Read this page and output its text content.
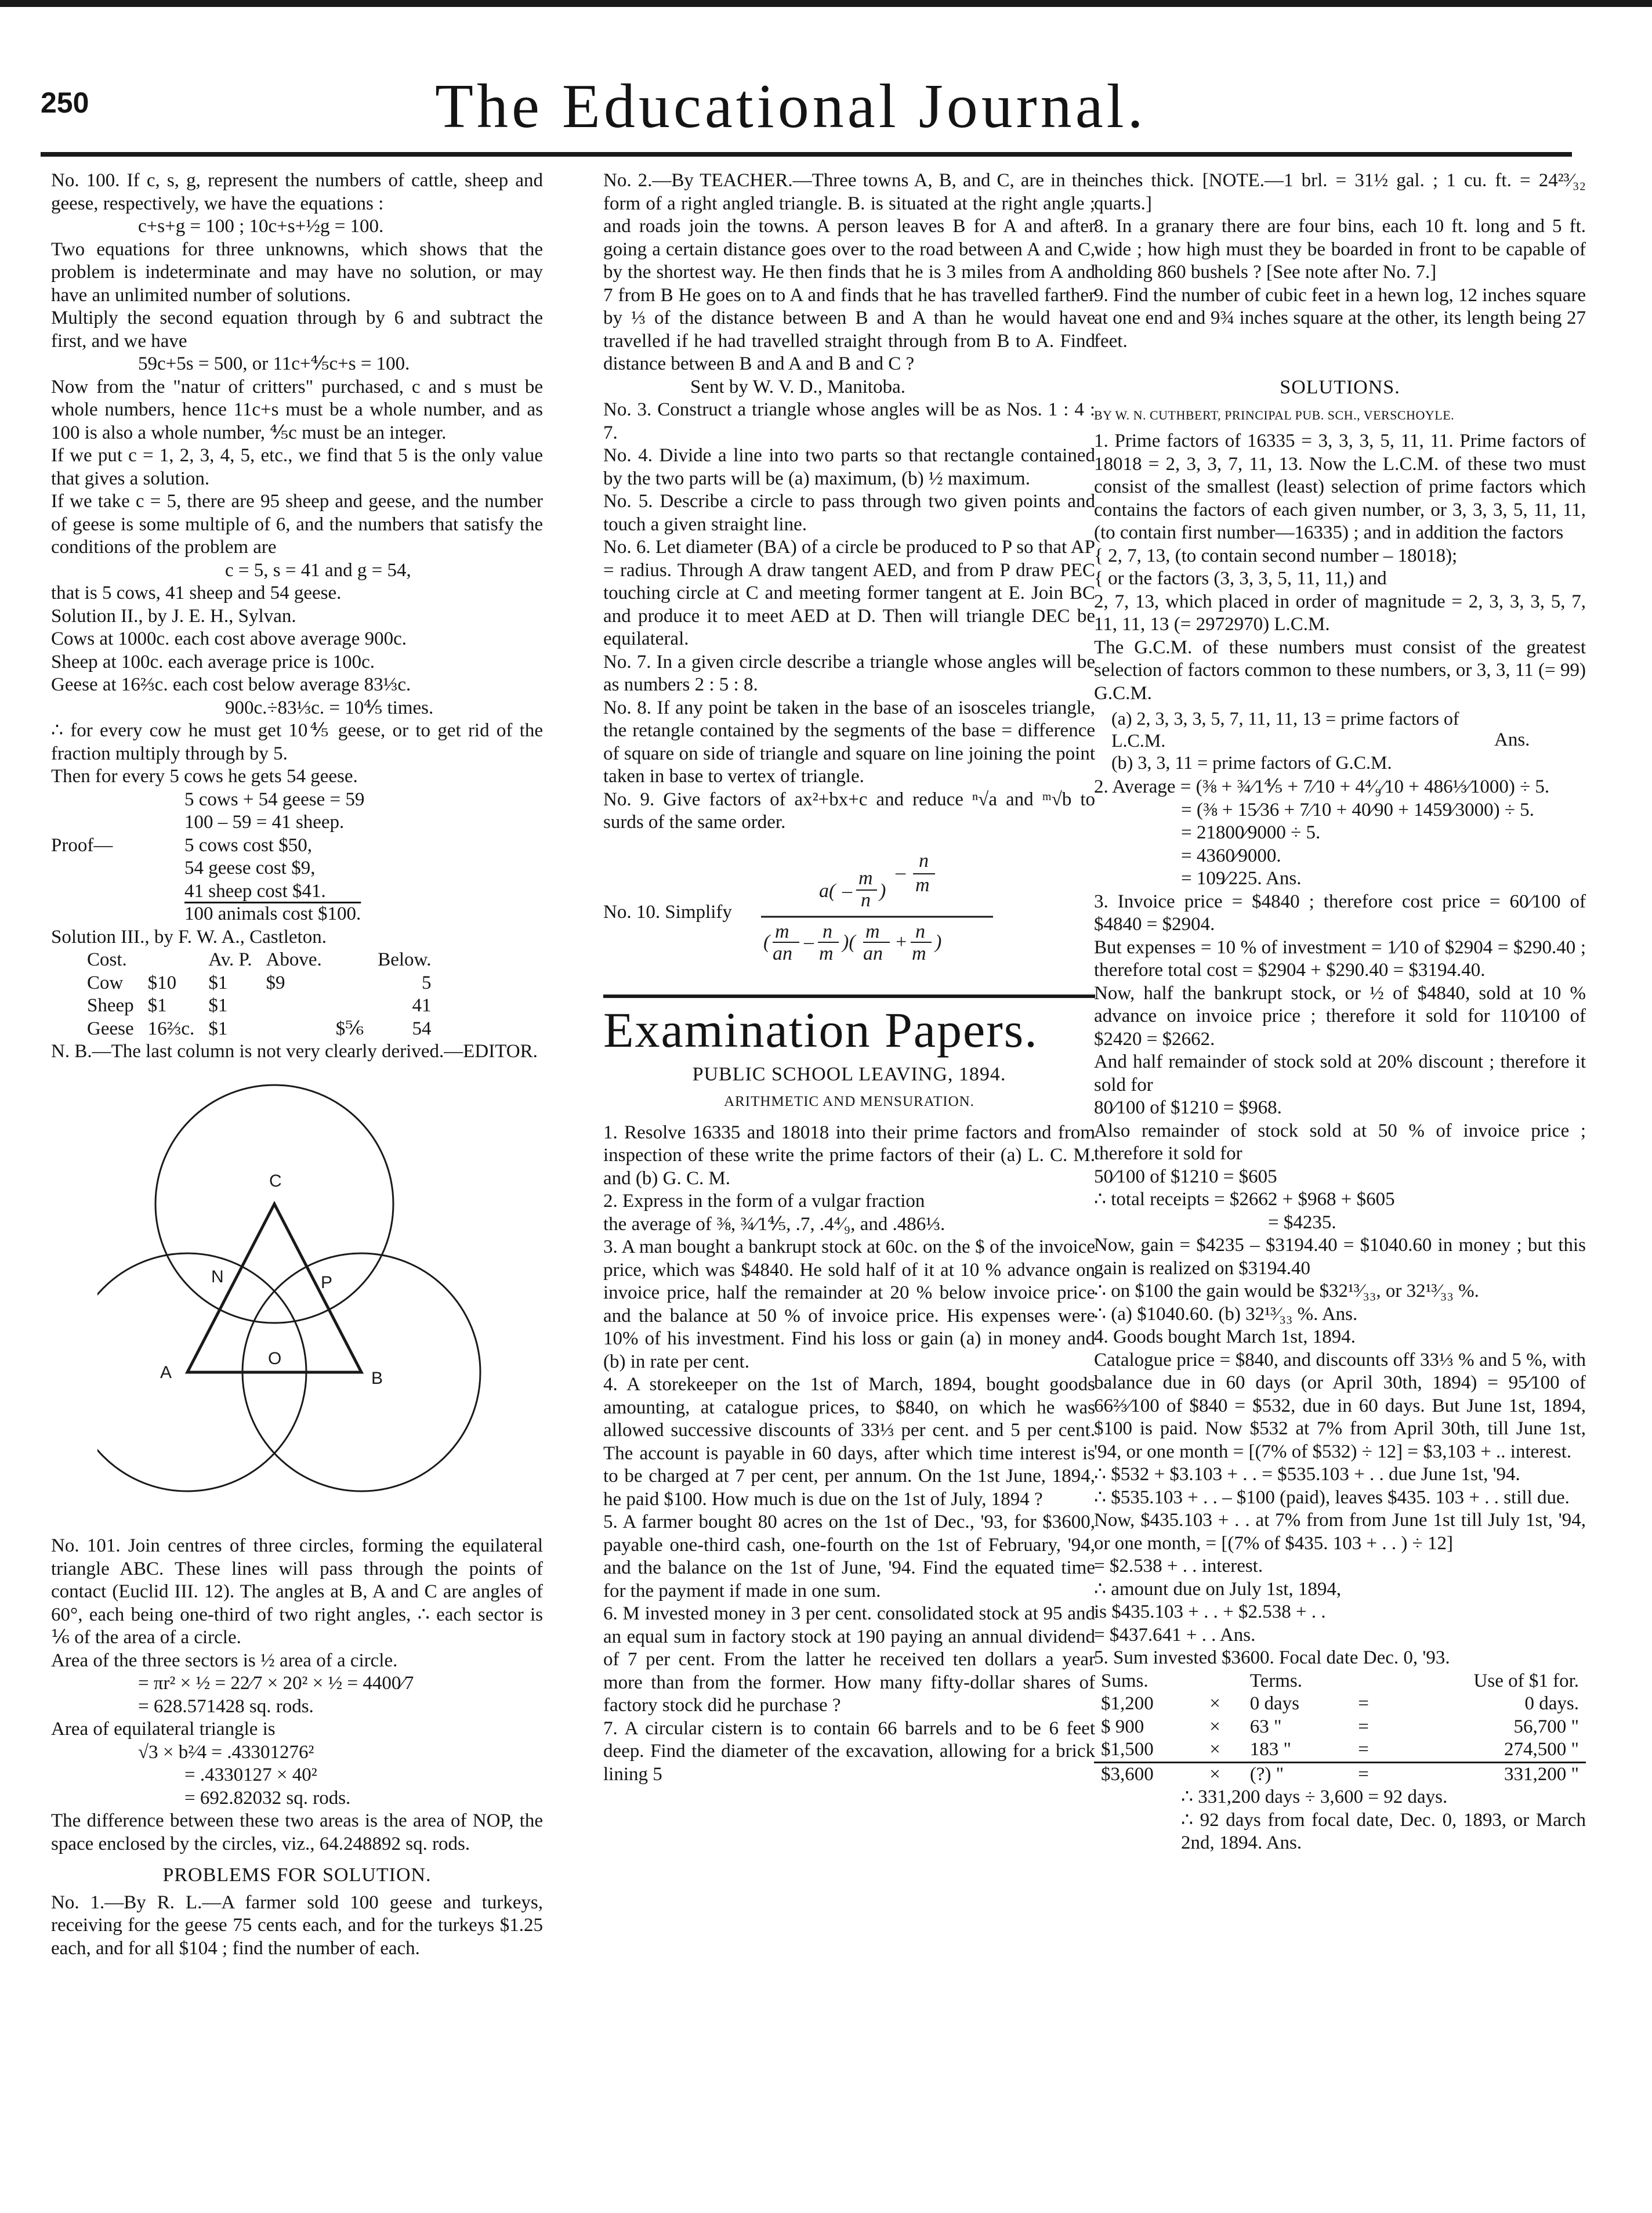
250	The Educational Journal.

No. 100. If c, s, g, represent the numbers of cattle, sheep and geese, respectively, we have the equations :

c+s+g = 100 ; 10c+s+½g = 100.

Two equations for three unknowns, which shows that the problem is indeterminate and may have no solution, or may have an unlimited number of solutions.

Multiply the second equation through by 6 and subtract the first, and we have

59c+5s = 500, or 11c+⅘c+s = 100.

Now from the "natur of critters" purchased, c and s must be whole numbers, hence 11c+s must be a whole number, and as 100 is also a whole number, ⅘c must be an integer.

If we put c = 1, 2, 3, 4, 5, etc., we find that 5 is the only value that gives a solution.

If we take c = 5, there are 95 sheep and geese, and the number of geese is some multiple of 6, and the numbers that satisfy the conditions of the problem are

c = 5, s = 41 and g = 54,

that is 5 cows, 41 sheep and 54 geese.

Solution II., by J. E. H., Sylvan.

Cows at 1000c. each cost above average 900c.

Sheep at 100c. each average price is 100c.

Geese at 16⅔c. each cost below average 83⅓c.

900c.÷83⅓c. = 10⅘ times.

∴ for every cow he must get 10⅘ geese, or to get rid of the fraction multiply through by 5.

Then for every 5 cows he gets 54 geese.

5 cows + 54 geese = 59

100 – 59 = 41 sheep.

Proof—	5 cows cost $50,

54 geese cost $9,

41 sheep cost $41.

100 animals cost $100.

Solution III., by F. W. A., Castleton.

Cost.		Av. P.	Above.		Below.
Cow	$10	$1	$9		5
Sheep	$1	$1			41
Geese	16⅔c.	$1		$⅚	54

N. B.—The last column is not very clearly derived.—EDITOR.

C
N	P
A
O
B

No. 101. Join centres of three circles, forming the equilateral triangle ABC. These lines will pass through the points of contact (Euclid III. 12). The angles at B, A and C are angles of 60°, each being one-third of two right angles, ∴ each sector is ⅙ of the area of a circle.

Area of the three sectors is ½ area of a circle.

= πr² × ½ = 22⁄7 × 20² × ½ = 4400⁄7

= 628.571428 sq. rods.

Area of equilateral triangle is

√3 × b²⁄4 = .43301276²

= .4330127 × 40²

= 692.82032 sq. rods.

The difference between these two areas is the area of NOP, the space enclosed by the circles, viz., 64.248892 sq. rods.

PROBLEMS FOR SOLUTION.

No. 1.—By R. L.—A farmer sold 100 geese and turkeys, receiving for the geese 75 cents each, and for the turkeys $1.25 each, and for all $104 ; find the number of each.

No. 2.—By TEACHER.—Three towns A, B, and C, are in the form of a right angled triangle. B. is situated at the right angle ; and roads join the towns. A person leaves B for A and after going a certain distance goes over to the road between A and C, by the shortest way. He then finds that he is 3 miles from A and 7 from B He goes on to A and finds that he has travelled farther by ⅓ of the distance between B and A than he would have travelled if he had travelled straight through from B to A. Find distance between B and A and B and C ?

Sent by W. V. D., Manitoba.

No. 3. Construct a triangle whose angles will be as Nos. 1 : 4 : 7.

No. 4. Divide a line into two parts so that rectangle contained by the two parts will be (a) maximum, (b) ½ maximum.

No. 5. Describe a circle to pass through two given points and touch a given straight line.

No. 6. Let diameter (BA) of a circle be produced to P so that AP = radius. Through A draw tangent AED, and from P draw PEC touching circle at C and meeting former tangent at E. Join BC and produce it to meet AED at D. Then will triangle DEC be equilateral.

No. 7. In a given circle describe a triangle whose angles will be as numbers 2 : 5 : 8.

No. 8. If any point be taken in the base of an isosceles triangle, the retangle contained by the segments of the base = difference of square on side of triangle and square on line joining the point taken in base to vertex of triangle.

No. 9. Give factors of ax²+bx+c and reduce ⁿ√a and ᵐ√b to surds of the same order.

No. 10. Simplify
a( –
m
n )
–
n
m
( m
an
– n
m
)( m
an
+ n
m
)
Examination Papers.
PUBLIC SCHOOL LEAVING, 1894.
ARITHMETIC AND MENSURATION.

1. Resolve 16335 and 18018 into their prime factors and from inspection of these write the prime factors of their (a) L. C. M. and (b) G. C. M.

2. Express in the form of a vulgar fraction

the average of ⅜, ¾⁄1⅘, .7, .4⁴⁄₉, and .486⅓.

3. A man bought a bankrupt stock at 60c. on the $ of the invoice price, which was $4840. He sold half of it at 10 % advance on invoice price, half the remainder at 20 % below invoice price and the balance at 50 % of invoice price. His expenses were 10% of his investment. Find his loss or gain (a) in money and (b) in rate per cent.

4. A storekeeper on the 1st of March, 1894, bought goods amounting, at catalogue prices, to $840, on which he was allowed successive discounts of 33⅓ per cent. and 5 per cent. The account is payable in 60 days, after which time interest is to be charged at 7 per cent, per annum. On the 1st June, 1894, he paid $100. How much is due on the 1st of July, 1894 ?

5. A farmer bought 80 acres on the 1st of Dec., '93, for $3600, payable one-third cash, one-fourth on the 1st of February, '94, and the balance on the 1st of June, '94. Find the equated time for the payment if made in one sum.

6. M invested money in 3 per cent. consolidated stock at 95 and an equal sum in factory stock at 190 paying an annual dividend of 7 per cent. From the latter he received ten dollars a year more than from the former. How many fifty-dollar shares of factory stock did he purchase ?

7. A circular cistern is to contain 66 barrels and to be 6 feet deep. Find the diameter of the excavation, allowing for a brick lining 5

inches thick. [NOTE.—1 brl. = 31½ gal. ; 1 cu. ft. = 24²³⁄₃₂ quarts.]

8. In a granary there are four bins, each 10 ft. long and 5 ft. wide ; how high must they be boarded in front to be capable of holding 860 bushels ? [See note after No. 7.]

9. Find the number of cubic feet in a hewn log, 12 inches square at one end and 9¾ inches square at the other, its length being 27 feet.

SOLUTIONS.
BY W. N. CUTHBERT, PRINCIPAL PUB. SCH., VERSCHOYLE.

1. Prime factors of 16335 = 3, 3, 3, 5, 11, 11. Prime factors of 18018 = 2, 3, 3, 7, 11, 13. Now the L.C.M. of these two must consist of the smallest (least) selection of prime factors which contains the factors of each given number, or 3, 3, 3, 5, 11, 11, (to contain first number—16335) ; and in addition the factors

{ 2, 7, 13, (to contain second number – 18018);

{ or the factors (3, 3, 3, 5, 11, 11,) and

2, 7, 13, which placed in order of magnitude = 2, 3, 3, 3, 5, 7, 11, 11, 13 (= 2972970) L.C.M.

The G.C.M. of these numbers must consist of the greatest selection of factors common to these numbers, or 3, 3, 11 (= 99) G.C.M.

(a) 2, 3, 3, 3, 5, 7, 11, 11, 13 = prime factors of L.C.M.
(b) 3, 3, 11 = prime factors of G.C.M.
Ans.

2. Average = (⅜ + ¾⁄1⅘ + 7⁄10 + 4⁴⁄₉⁄10 + 486⅓⁄1000) ÷ 5.

= (⅜ + 15⁄36 + 7⁄10 + 40⁄90 + 1459⁄3000) ÷ 5.

= 21800⁄9000 ÷ 5.

= 4360⁄9000.

= 109⁄225. Ans.

3. Invoice price = $4840 ; therefore cost price = 60⁄100 of $4840 = $2904.

But expenses = 10 % of investment = 1⁄10 of $2904 = $290.40 ; therefore total cost = $2904 + $290.40 = $3194.40.

Now, half the bankrupt stock, or ½ of $4840, sold at 10 % advance on invoice price ; therefore it sold for 110⁄100 of $2420 = $2662.

And half remainder of stock sold at 20% discount ; therefore it sold for

80⁄100 of $1210 = $968.

Also remainder of stock sold at 50 % of invoice price ; therefore it sold for

50⁄100 of $1210 = $605

∴ total receipts = $2662 + $968 + $605

= $4235.

Now, gain = $4235 – $3194.40 = $1040.60 in money ; but this gain is realized on $3194.40

∴ on $100 the gain would be $32¹³⁄₃₃, or 32¹³⁄₃₃ %.

∴ (a) $1040.60. (b) 32¹³⁄₃₃ %. Ans.

4. Goods bought March 1st, 1894.

Catalogue price = $840, and discounts off 33⅓ % and 5 %, with balance due in 60 days (or April 30th, 1894) = 95⁄100 of 66⅔⁄100 of $840 = $532, due in 60 days. But June 1st, 1894, $100 is paid. Now $532 at 7% from April 30th, till June 1st, '94, or one month = [(7% of $532) ÷ 12] = $3,103 + .. interest.

∴ $532 + $3.103 + . . = $535.103 + . . due June 1st, '94.

∴ $535.103 + . . – $100 (paid), leaves $435. 103 + . . still due.

Now, $435.103 + . . at 7% from from June 1st till July 1st, '94, or one month, = [(7% of $435. 103 + . . ) ÷ 12]

= $2.538 + . . interest.

∴ amount due on July 1st, 1894,

is $435.103 + . . + $2.538 + . .

= $437.641 + . . Ans.

5. Sum invested $3600. Focal date Dec. 0, '93.

Sums.		Terms.		Use of $1 for.
$1,200	×	0 days	=	0 days.
$ 900	×	63 "	=	56,700 "
$1,500	×	183 "	=	274,500 "
$3,600	×	(?) "	=	331,200 "

∴ 331,200 days ÷ 3,600 = 92 days.

∴ 92 days from focal date, Dec. 0, 1893, or March 2nd, 1894. Ans.
